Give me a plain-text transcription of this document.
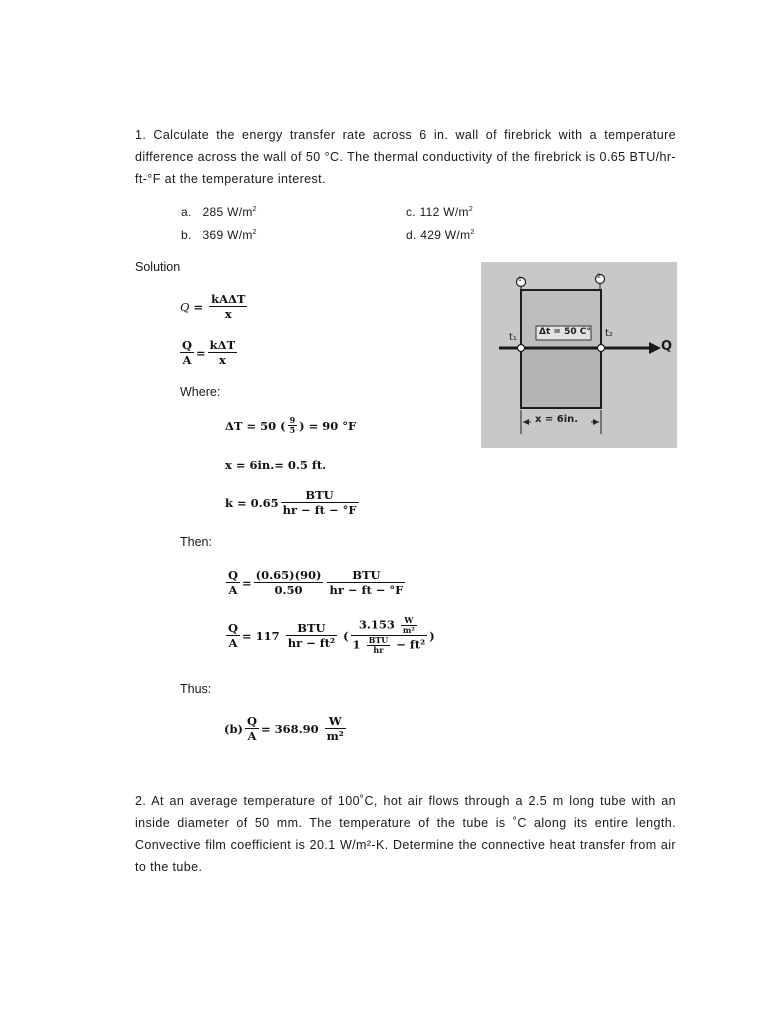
1. Calculate the energy transfer rate across 6 in. wall of firebrick with a temperature difference across the wall of 50 °C. The thermal conductivity of the firebrick is 0.65 BTU/hr-ft-°F at the temperature interest.
a. 285 $W/m^2$
b. 369 $W/m^2$
c. 112 $W/m^2$
d. 429 $W/m^2$
Solution
Q
=
$\frac{\text{kAΔT}}{x}$
$\frac{Q}{A} = \frac{\text{kΔT}}{x}$
Where:
ΔT = 50 ( $\frac{9}{5}$ ) = 90 °F
x = 6in.= 0.5 ft.
$k = 0.65 \frac{\text{BTU}}{hr - ft - ^\circ F}$
Then:
$\frac{Q}{A} = \frac{(0.65)(90)}{0.50} \frac{\text{BTU}}{hr - ft - ^\circ F}$
$\frac{Q}{A} = 117$
$\frac{\text{BTU}}{\text{hr − ft²}}$
( $\frac{3.153 \frac{W}{\text{m²}}}{1 \frac{\text{BTU}}{hr} - ft^2}$ )
Thus:
$(b) \frac{Q}{A} = 368.90$
$\frac{W}{\text{m²}}$
1	2
Δt = 50 C°
t₁	t₂
Q
x = 6in.
2. At an average temperature of 100˚C, hot air flows through a 2.5 m long tube with an inside diameter of 50 mm. The temperature of the tube is ˚C along its entire length. Convective film coefficient is 20.1 W/m²-K. Determine the connective heat transfer from air to the tube.
